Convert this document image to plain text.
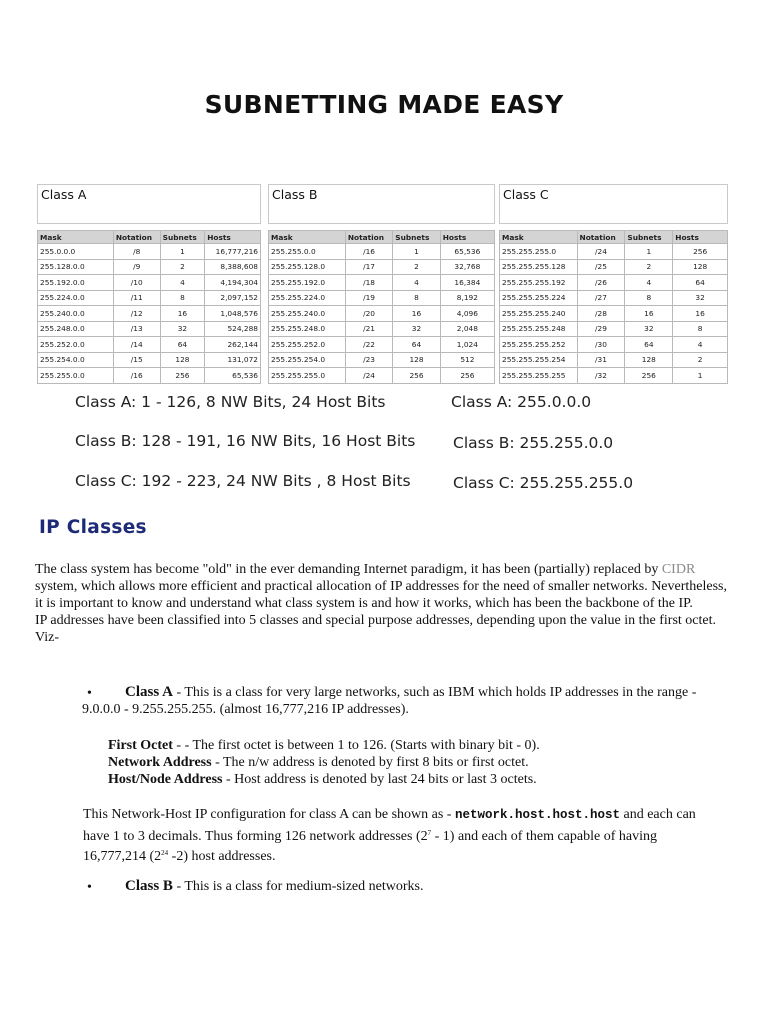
SUBNETTING MADE EASY
Class A			

Mask	Notation	Subnets	Hosts
255.0.0.0	/8	1	16,777,216
255.128.0.0	/9	2	8,388,608
255.192.0.0	/10	4	4,194,304
255.224.0.0	/11	8	2,097,152
255.240.0.0	/12	16	1,048,576
255.248.0.0	/13	32	524,288
255.252.0.0	/14	64	262,144
255.254.0.0	/15	128	131,072
255.255.0.0	/16	256	65,536
Class B			

Mask	Notation	Subnets	Hosts
255.255.0.0	/16	1	65,536
255.255.128.0	/17	2	32,768
255.255.192.0	/18	4	16,384
255.255.224.0	/19	8	8,192
255.255.240.0	/20	16	4,096
255.255.248.0	/21	32	2,048
255.255.252.0	/22	64	1,024
255.255.254.0	/23	128	512
255.255.255.0	/24	256	256
Class C			

Mask	Notation	Subnets	Hosts
255.255.255.0	/24	1	256
255.255.255.128	/25	2	128
255.255.255.192	/26	4	64
255.255.255.224	/27	8	32
255.255.255.240	/28	16	16
255.255.255.248	/29	32	8
255.255.255.252	/30	64	4
255.255.255.254	/31	128	2
255.255.255.255	/32	256	1
Class A: 1 - 126, 8 NW Bits, 24 Host Bits
Class B: 128 - 191, 16 NW Bits, 16 Host Bits
Class C: 192 - 223, 24 NW Bits , 8 Host Bits
Class A: 255.0.0.0
Class B: 255.255.0.0
Class C: 255.255.255.0
IP Classes
The class system has become "old" in the ever demanding Internet paradigm, it has been (partially) replaced by CIDR system, which allows more efficient and practical allocation of IP addresses for the need of smaller networks. Nevertheless, it is important to know and understand what class system is and how it works, which has been the backbone of the IP.
IP addresses have been classified into 5 classes and special purpose addresses, depending upon the value in the first octet. Viz-
•	Class A - This is a class for very large networks, such as IBM which holds IP addresses in the range - 9.0.0.0 - 9.255.255.255. (almost 16,777,216 IP addresses).
First Octet - - The first octet is between 1 to 126. (Starts with binary bit - 0).
Network Address - The n/w address is denoted by first 8 bits or first octet.
Host/Node Address - Host address is denoted by last 24 bits or last 3 octets.
This Network-Host IP configuration for class A can be shown as - network.host.host.host and each can have 1 to 3 decimals. Thus forming 126 network addresses $(2^7 - 1)$ and each of them capable of having 16,777,214 ($2^{24}$ -2) host addresses.
• Class B - This is a class for medium-sized networks.
